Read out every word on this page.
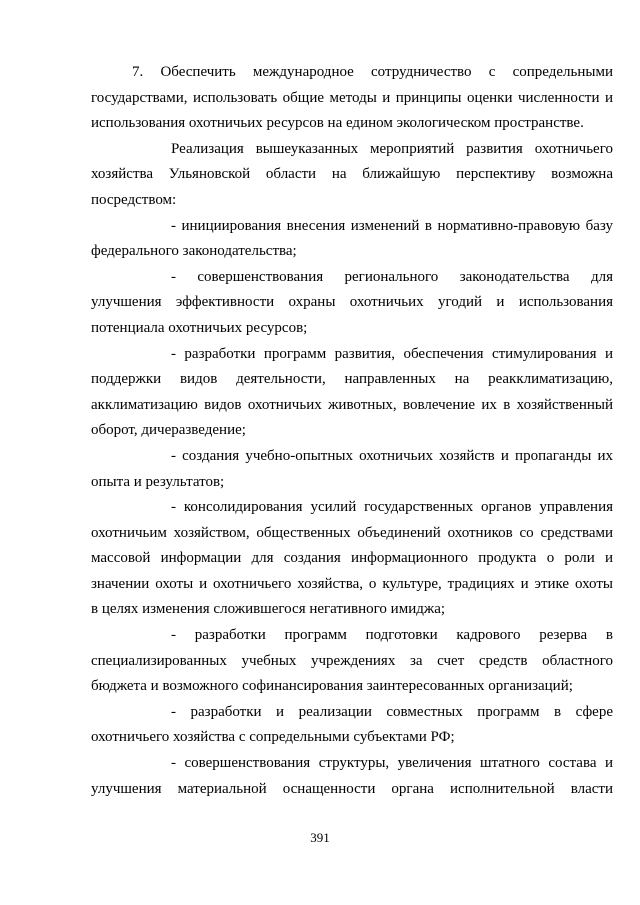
7. Обеспечить международное сотрудничество с сопредельными
государствами, использовать общие методы и принципы оценки численности и
использования охотничьих ресурсов на едином экологическом пространстве.
Реализация вышеуказанных мероприятий развития охотничьего
хозяйства Ульяновской области на ближайшую перспективу возможна
посредством:
- инициирования внесения изменений в нормативно-правовую базу
федерального законодательства;
- совершенствования регионального законодательства для
улучшения эффективности охраны охотничьих угодий и использования
потенциала охотничьих ресурсов;
- разработки программ развития, обеспечения стимулирования и
поддержки видов деятельности, направленных на реакклиматизацию,
акклиматизацию видов охотничьих животных, вовлечение их в хозяйственный
оборот, дичеразведение;
- создания учебно-опытных охотничьих хозяйств и пропаганды их
опыта и результатов;
- консолидирования усилий государственных органов управления
охотничьим хозяйством, общественных объединений охотников со средствами
массовой информации для создания информационного продукта о роли и
значении охоты и охотничьего хозяйства, о культуре, традициях и этике охоты
в целях изменения сложившегося негативного имиджа;
- разработки программ подготовки кадрового резерва в
специализированных учебных учреждениях за счет средств областного
бюджета и возможного софинансирования заинтересованных организаций;
- разработки и реализации совместных программ в сфере
охотничьего хозяйства с сопредельными субъектами РФ;
- совершенствования структуры, увеличения штатного состава и
улучшения материальной оснащенности органа исполнительной власти
391
